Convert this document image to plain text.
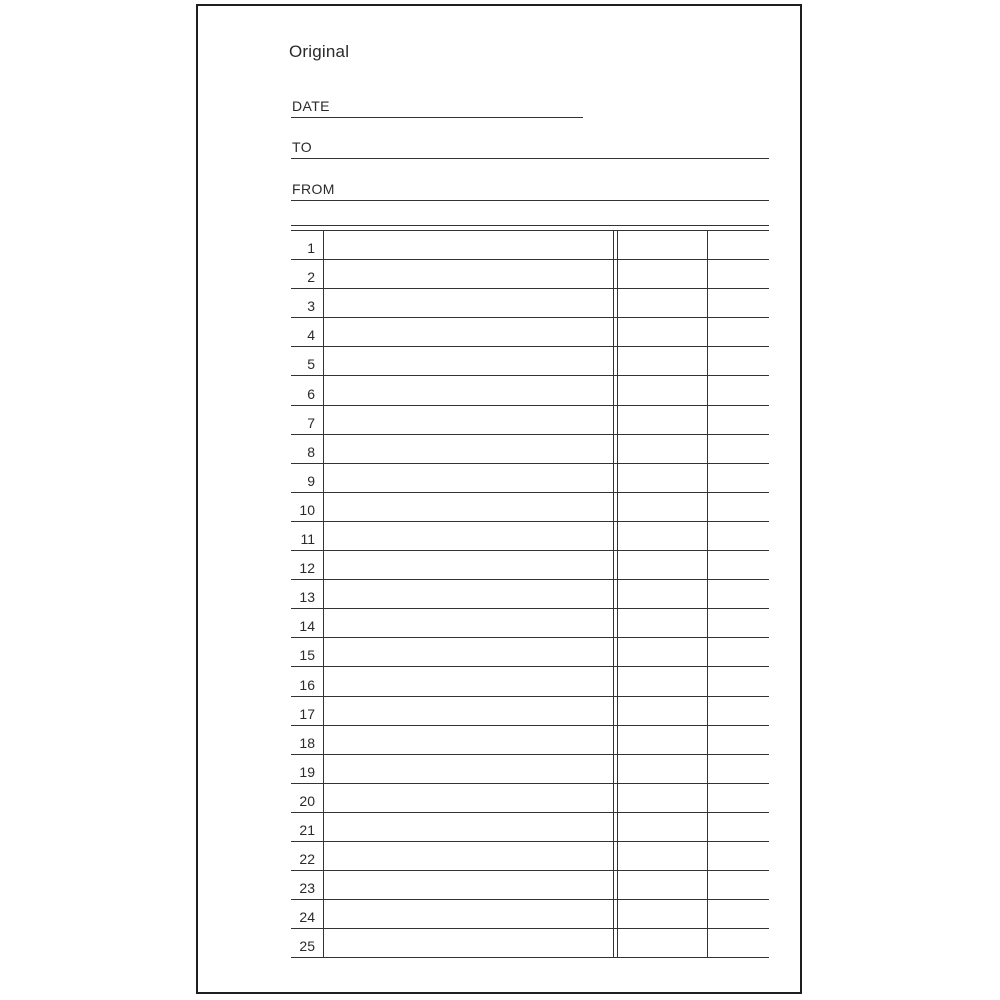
Original
DATE
TO
FROM
1
2
3
4
5
6
7
8
9
10
11
12
13
14
15
16
17
18
19
20
21
22
23
24
25
